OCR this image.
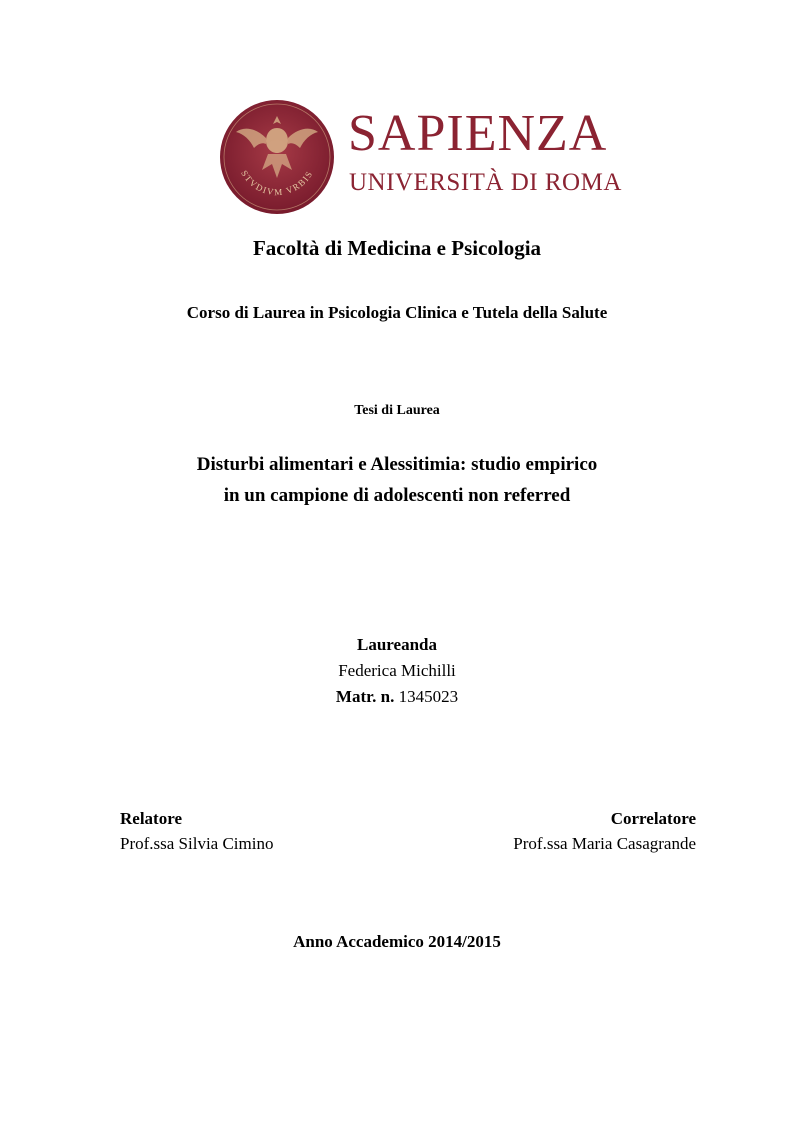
STVDIVM VRBIS
SAPIENZA
UNIVERSITÀ DI ROMA
Facoltà di Medicina e Psicologia
Corso di Laurea in Psicologia Clinica e Tutela della Salute
Tesi di Laurea
Disturbi alimentari e Alessitimia: studio empirico
in un campione di adolescenti non referred
Laureanda
Federica Michilli
Matr. n. 1345023
Relatore
Prof.ssa Silvia Cimino
Correlatore
Prof.ssa Maria Casagrande
Anno Accademico 2014/2015
